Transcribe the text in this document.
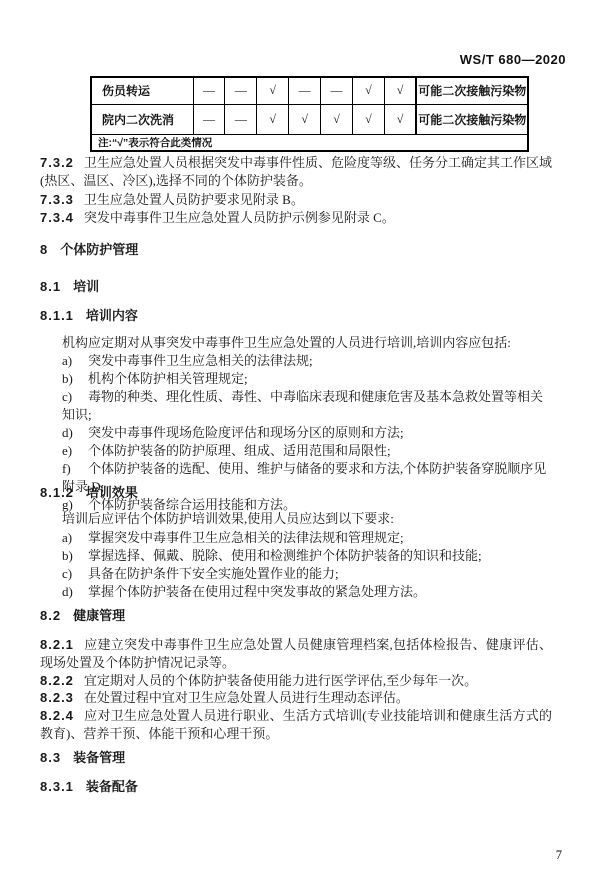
WS/T 680—2020
伤员转运	—	—	√	—	—	√	√	可能二次接触污染物
院内二次洗消	—	—	√	√	√	√	√	可能二次接触污染物
注:“√”表示符合此类情况								
7.3.2 卫生应急处置人员根据突发中毒事件性质、危险度等级、任务分工确定其工作区域(热区、温区、冷区),选择不同的个体防护装备。
7.3.3 卫生应急处置人员防护要求见附录 B。
7.3.4 突发中毒事件卫生应急处置人员防护示例参见附录 C。
8 个体防护管理
8.1 培训
8.1.1 培训内容
机构应定期对从事突发中毒事件卫生应急处置的人员进行培训,培训内容应包括:
a) 突发中毒事件卫生应急相关的法律法规;
b) 机构个体防护相关管理规定;
c) 毒物的种类、理化性质、毒性、中毒临床表现和健康危害及基本急救处置等相关知识;
d) 突发中毒事件现场危险度评估和现场分区的原则和方法;
e) 个体防护装备的防护原理、组成、适用范围和局限性;
f) 个体防护装备的选配、使用、维护与储备的要求和方法,个体防护装备穿脱顺序见附录 D;
g) 个体防护装备综合运用技能和方法。
8.1.2 培训效果
培训后应评估个体防护培训效果,使用人员应达到以下要求:
a) 掌握突发中毒事件卫生应急相关的法律法规和管理规定;
b) 掌握选择、佩戴、脱除、使用和检测维护个体防护装备的知识和技能;
c) 具备在防护条件下安全实施处置作业的能力;
d) 掌握个体防护装备在使用过程中突发事故的紧急处理方法。
8.2 健康管理
8.2.1 应建立突发中毒事件卫生应急处置人员健康管理档案,包括体检报告、健康评估、现场处置及个体防护情况记录等。
8.2.2 宜定期对人员的个体防护装备使用能力进行医学评估,至少每年一次。
8.2.3 在处置过程中宜对卫生应急处置人员进行生理动态评估。
8.2.4 应对卫生应急处置人员进行职业、生活方式培训(专业技能培训和健康生活方式的教育)、营养干预、体能干预和心理干预。
8.3 装备管理
8.3.1 装备配备
7
